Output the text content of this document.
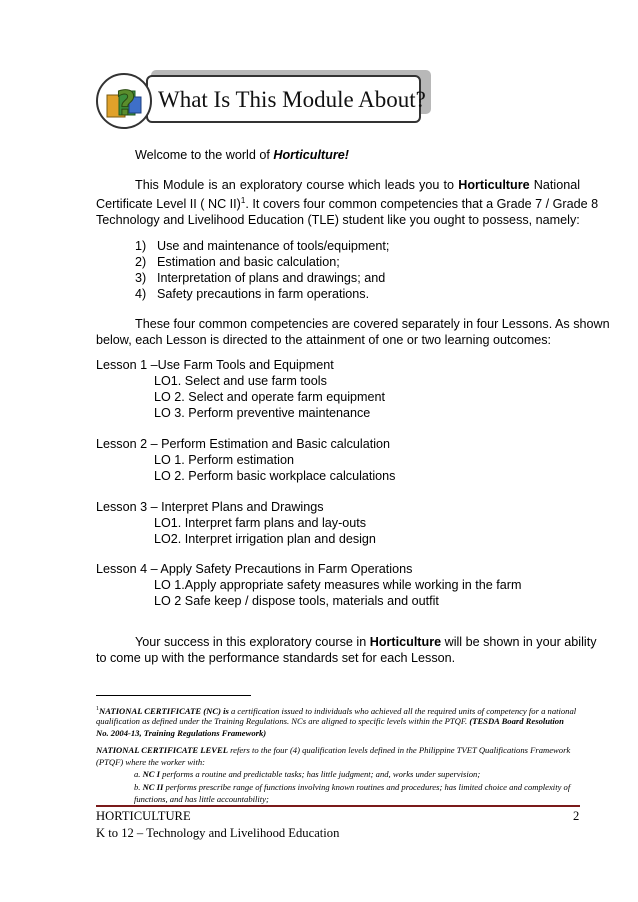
? What Is This Module About?
Welcome to the world of Horticulture!
This Module is an exploratory course which leads you to Horticulture National
Certificate Level II ( NC II)$^1$. It covers four common competencies that a Grade 7 / Grade 8
Technology and Livelihood Education (TLE) student like you ought to possess, namely:
1) Use and maintenance of tools/equipment;
2) Estimation and basic calculation;
3) Interpretation of plans and drawings; and
4) Safety precautions in farm operations.
These four common competencies are covered separately in four Lessons. As shown
below, each Lesson is directed to the attainment of one or two learning outcomes:
Lesson 1 –Use Farm Tools and Equipment
LO1. Select and use farm tools
LO 2. Select and operate farm equipment
LO 3. Perform preventive maintenance
Lesson 2 – Perform Estimation and Basic calculation
LO 1. Perform estimation
LO 2. Perform basic workplace calculations
Lesson 3 – Interpret Plans and Drawings
LO1. Interpret farm plans and lay-outs
LO2. Interpret irrigation plan and design
Lesson 4 – Apply Safety Precautions in Farm Operations
LO 1.Apply appropriate safety measures while working in the farm
LO 2 Safe keep / dispose tools, materials and outfit
Your success in this exploratory course in Horticulture will be shown in your ability
to come up with the performance standards set for each Lesson.
$^1$NATIONAL CERTIFICATE (NC) is a certification issued to individuals who achieved all the required units of competency for a national
qualification as defined under the Training Regulations. NCs are aligned to specific levels within the PTQF. (TESDA Board Resolution
No. 2004-13, Training Regulations Framework)
NATIONAL CERTIFICATE LEVEL refers to the four (4) qualification levels defined in the Philippine TVET Qualifications Framework
(PTQF) where the worker with:
a. NC I performs a routine and predictable tasks; has little judgment; and, works under supervision;
b. NC II performs prescribe range of functions involving known routines and procedures; has limited choice and complexity of
functions, and has little accountability;
HORTICULTURE	2
K to 12 – Technology and Livelihood Education
